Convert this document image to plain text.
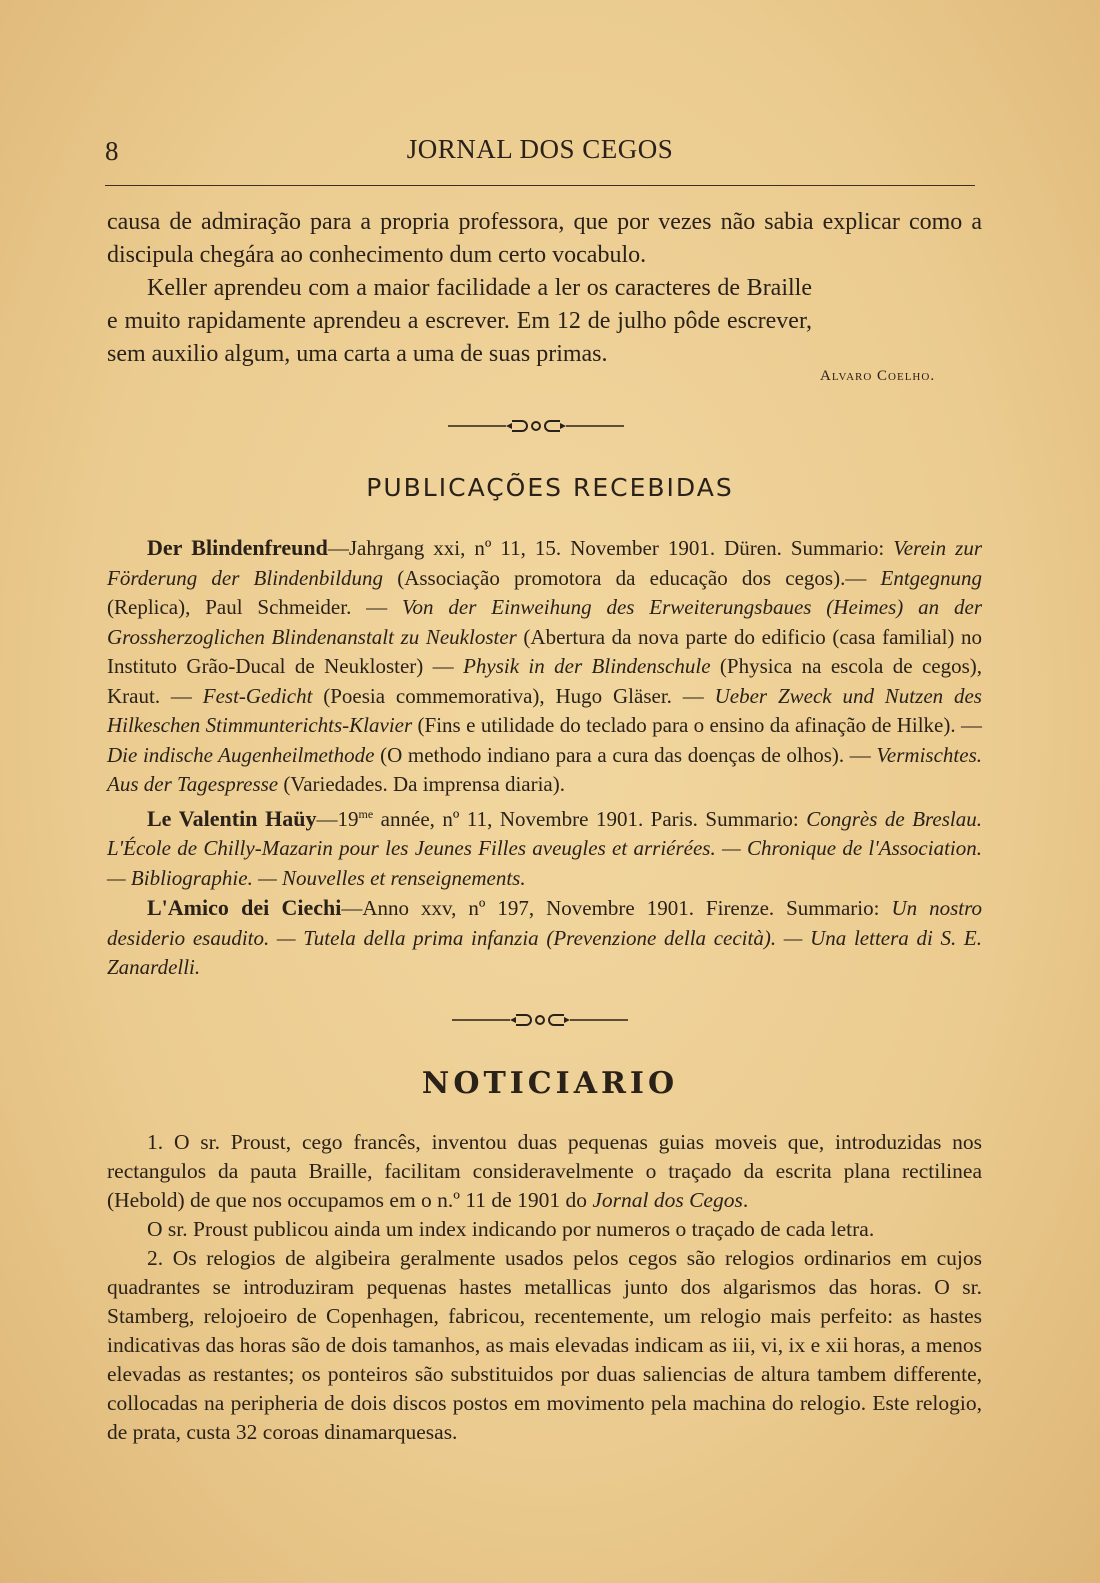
8	JORNAL DOS CEGOS

causa de admiração para a propria professora, que por vezes não sabia explicar como a discipula chegára ao conhecimento dum certo vocabulo.

Keller aprendeu com a maior facilidade a ler os caracteres de Braille e muito rapidamente aprendeu a escrever. Em 12 de julho pôde escrever, sem auxilio algum, uma carta a uma de suas primas.

Alvaro Coelho.
PUBLICAÇÕES RECEBIDAS

Der Blindenfreund—Jahrgang xxi, nº 11, 15. November 1901. Düren. Summario: Verein zur Förderung der Blindenbildung (Associação promotora da educação dos cegos).— Entgegnung (Replica), Paul Schmeider. — Von der Einweihung des Erweiterungsbaues (Heimes) an der Grossherzoglichen Blindenanstalt zu Neukloster (Abertura da nova parte do edificio (casa familial) no Instituto Grão-Ducal de Neukloster) — Physik in der Blindenschule (Physica na escola de cegos), Kraut. — Fest-Gedicht (Poesia commemorativa), Hugo Gläser. — Ueber Zweck und Nutzen des Hilkeschen Stimmunterichts-Klavier (Fins e utilidade do teclado para o ensino da afinação de Hilke). — Die indische Augenheilmethode (O methodo indiano para a cura das doenças de olhos). — Vermischtes. Aus der Tagespresse (Variedades. Da imprensa diaria).

Le Valentin $Haüy—19^{me}$ année, nº 11, Novembre 1901. Paris. Summario: Congrès de Breslau. L'École de Chilly-Mazarin pour les Jeunes Filles aveugles et arriérées. — Chronique de l'Association. — Bibliographie. — Nouvelles et renseignements.

L'Amico dei Ciechi—Anno xxv, nº 197, Novembre 1901. Firenze. Summario: Un nostro desiderio esaudito. — Tutela della prima infanzia (Prevenzione della cecità). — Una lettera di S. E. Zanardelli.

NOTICIARIO

1. O sr. Proust, cego francês, inventou duas pequenas guias moveis que, introduzidas nos rectangulos da pauta Braille, facilitam consideravelmente o traçado da escrita plana rectilinea (Hebold) de que nos occupamos em o n.º 11 de 1901 do Jornal dos Cegos.

O sr. Proust publicou ainda um index indicando por numeros o traçado de cada letra.

2. Os relogios de algibeira geralmente usados pelos cegos são relogios ordinarios em cujos quadrantes se introduziram pequenas hastes metallicas junto dos algarismos das horas. O sr. Stamberg, relojoeiro de Copenhagen, fabricou, recentemente, um relogio mais perfeito: as hastes indicativas das horas são de dois tamanhos, as mais elevadas indicam as iii, vi, ix e xii horas, a menos elevadas as restantes; os ponteiros são substituidos por duas saliencias de altura tambem differente, collocadas na peripheria de dois discos postos em movimento pela machina do relogio. Este relogio, de prata, custa 32 coroas dinamarquesas.
